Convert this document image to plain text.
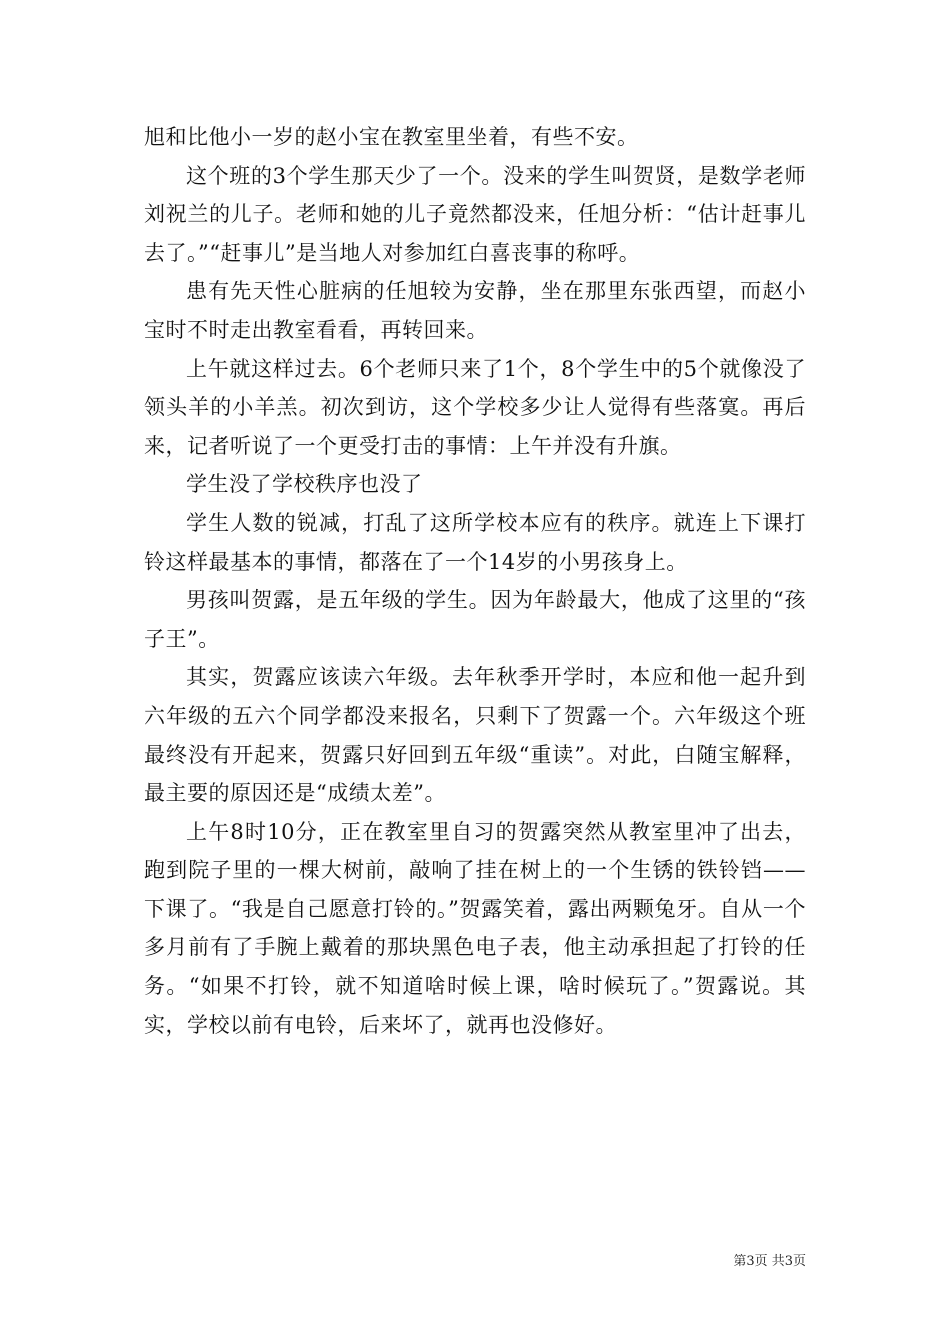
旭和比他小一岁的赵小宝在教室里坐着，有些不安。

这个班的3个学生那天少了一个。没来的学生叫贺贤，是数学老师刘祝兰的儿子。老师和她的儿子竟然都没来，任旭分析：“估计赶事儿去了。”“赶事儿”是当地人对参加红白喜丧事的称呼。

患有先天性心脏病的任旭较为安静，坐在那里东张西望，而赵小宝时不时走出教室看看，再转回来。

上午就这样过去。6个老师只来了1个，8个学生中的5个就像没了领头羊的小羊羔。初次到访，这个学校多少让人觉得有些落寞。再后来，记者听说了一个更受打击的事情：上午并没有升旗。

学生没了学校秩序也没了

学生人数的锐减，打乱了这所学校本应有的秩序。就连上下课打铃这样最基本的事情，都落在了一个14岁的小男孩身上。

男孩叫贺露，是五年级的学生。因为年龄最大，他成了这里的“孩子王”。

其实，贺露应该读六年级。去年秋季开学时，本应和他一起升到六年级的五六个同学都没来报名，只剩下了贺露一个。六年级这个班最终没有开起来，贺露只好回到五年级“重读”。对此，白随宝解释，最主要的原因还是“成绩太差”。

上午8时10分，正在教室里自习的贺露突然从教室里冲了出去，跑到院子里的一棵大树前，敲响了挂在树上的一个生锈的铁铃铛——下课了。“我是自己愿意打铃的。”贺露笑着，露出两颗兔牙。自从一个多月前有了手腕上戴着的那块黑色电子表，他主动承担起了打铃的任务。“如果不打铃，就不知道啥时候上课，啥时候玩了。”贺露说。其实，学校以前有电铃，后来坏了，就再也没修好。

第3页 共3页
